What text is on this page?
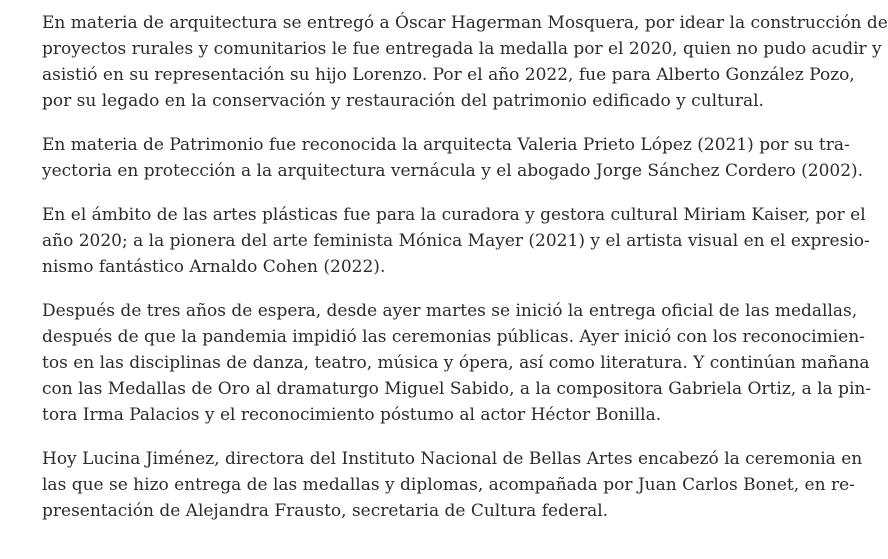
En materia de arquitectura se entregó a Óscar Hagerman Mosquera, por idear la construcción de
proyectos rurales y comunitarios le fue entregada la medalla por el 2020, quien no pudo acudir y
asistió en su representación su hijo Lorenzo. Por el año 2022, fue para Alberto González Pozo,
por su legado en la conservación y restauración del patrimonio edificado y cultural.

En materia de Patrimonio fue reconocida la arquitecta Valeria Prieto López (2021) por su tra-
yectoria en protección a la arquitectura vernácula y el abogado Jorge Sánchez Cordero (2002).

En el ámbito de las artes plásticas fue para la curadora y gestora cultural Miriam Kaiser, por el
año 2020; a la pionera del arte feminista Mónica Mayer (2021) y el artista visual en el expresio-
nismo fantástico Arnaldo Cohen (2022).

Después de tres años de espera, desde ayer martes se inició la entrega oficial de las medallas,
después de que la pandemia impidió las ceremonias públicas. Ayer inició con los reconocimien-
tos en las disciplinas de danza, teatro, música y ópera, así como literatura. Y continúan mañana
con las Medallas de Oro al dramaturgo Miguel Sabido, a la compositora Gabriela Ortiz, a la pin-
tora Irma Palacios y el reconocimiento póstumo al actor Héctor Bonilla.

Hoy Lucina Jiménez, directora del Instituto Nacional de Bellas Artes encabezó la ceremonia en
las que se hizo entrega de las medallas y diplomas, acompañada por Juan Carlos Bonet, en re-
presentación de Alejandra Frausto, secretaria de Cultura federal.
